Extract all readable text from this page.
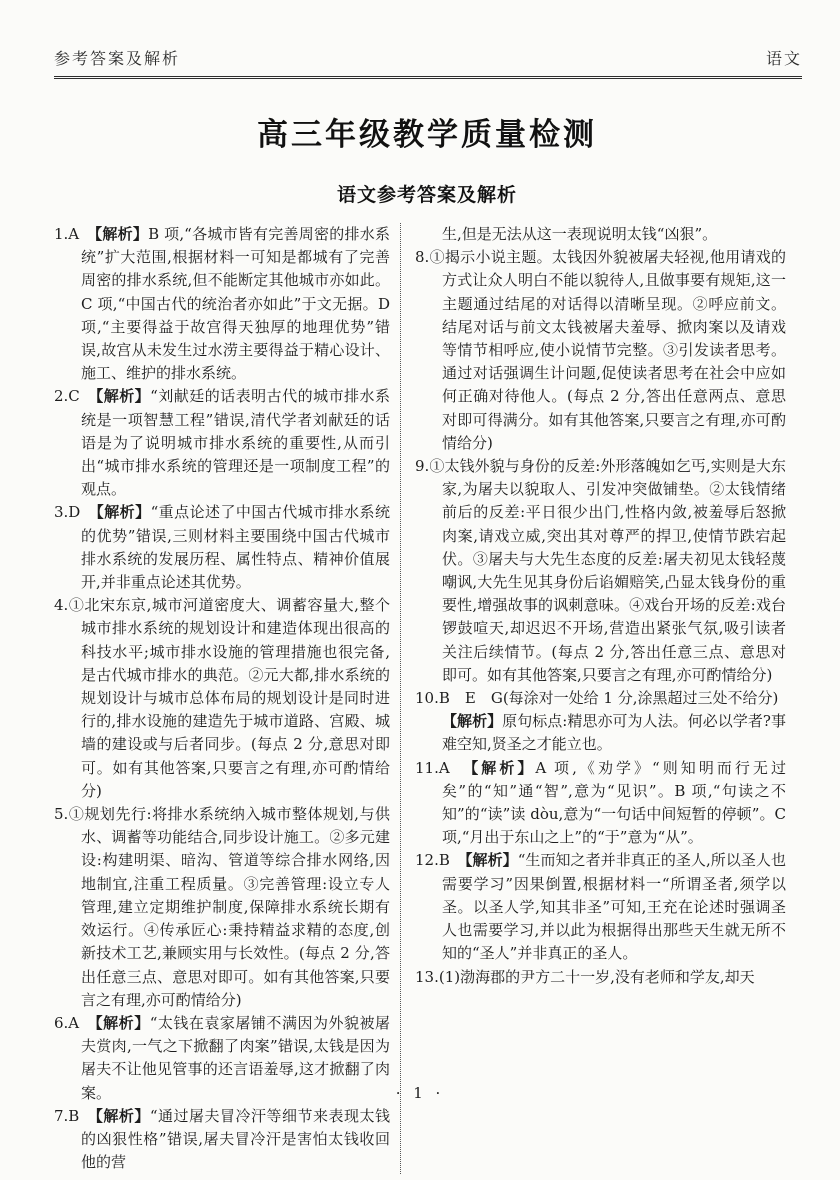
参考答案及解析	语文
高三年级教学质量检测
语文参考答案及解析

1.A　【解析】B 项,“各城市皆有完善周密的排水系统”扩大范围,根据材料一可知是都城有了完善周密的排水系统,但不能断定其他城市亦如此。C 项,“中国古代的统治者亦如此”于文无据。D 项,“主要得益于故宫得天独厚的地理优势”错误,故宫从未发生过水涝主要得益于精心设计、施工、维护的排水系统。

2.C　【解析】“刘献廷的话表明古代的城市排水系统是一项智慧工程”错误,清代学者刘献廷的话语是为了说明城市排水系统的重要性,从而引出“城市排水系统的管理还是一项制度工程”的观点。

3.D　【解析】“重点论述了中国古代城市排水系统的优势”错误,三则材料主要围绕中国古代城市排水系统的发展历程、属性特点、精神价值展开,并非重点论述其优势。

4.①北宋东京,城市河道密度大、调蓄容量大,整个城市排水系统的规划设计和建造体现出很高的科技水平;城市排水设施的管理措施也很完备,是古代城市排水的典范。②元大都,排水系统的规划设计与城市总体布局的规划设计是同时进行的,排水设施的建造先于城市道路、宫殿、城墙的建设或与后者同步。(每点 2 分,意思对即可。如有其他答案,只要言之有理,亦可酌情给分)

5.①规划先行:将排水系统纳入城市整体规划,与供水、调蓄等功能结合,同步设计施工。②多元建设:构建明渠、暗沟、管道等综合排水网络,因地制宜,注重工程质量。③完善管理:设立专人管理,建立定期维护制度,保障排水系统长期有效运行。④传承匠心:秉持精益求精的态度,创新技术工艺,兼顾实用与长效性。(每点 2 分,答出任意三点、意思对即可。如有其他答案,只要言之有理,亦可酌情给分)

6.A　【解析】“太钱在袁家屠铺不满因为外貌被屠夫赏肉,一气之下掀翻了肉案”错误,太钱是因为屠夫不让他见管事的还言语羞辱,这才掀翻了肉案。

7.B　【解析】“通过屠夫冒冷汗等细节来表现太钱的凶狠性格”错误,屠夫冒冷汗是害怕太钱收回他的营

生,但是无法从这一表现说明太钱“凶狠”。

8.①揭示小说主题。太钱因外貌被屠夫轻视,他用请戏的方式让众人明白不能以貌待人,且做事要有规矩,这一主题通过结尾的对话得以清晰呈现。②呼应前文。结尾对话与前文太钱被屠夫羞辱、掀肉案以及请戏等情节相呼应,使小说情节完整。③引发读者思考。通过对话强调生计问题,促使读者思考在社会中应如何正确对待他人。(每点 2 分,答出任意两点、意思对即可得满分。如有其他答案,只要言之有理,亦可酌情给分)

9.①太钱外貌与身份的反差:外形落魄如乞丐,实则是大东家,为屠夫以貌取人、引发冲突做铺垫。②太钱情绪前后的反差:平日很少出门,性格内敛,被羞辱后怒掀肉案,请戏立威,突出其对尊严的捍卫,使情节跌宕起伏。③屠夫与大先生态度的反差:屠夫初见太钱轻蔑嘲讽,大先生见其身份后谄媚赔笑,凸显太钱身份的重要性,增强故事的讽刺意味。④戏台开场的反差:戏台锣鼓喧天,却迟迟不开场,营造出紧张气氛,吸引读者关注后续情节。(每点 2 分,答出任意三点、意思对即可。如有其他答案,只要言之有理,亦可酌情给分)

10.B　E　G(每涂对一处给 1 分,涂黑超过三处不给分)

【解析】原句标点:精思亦可为人法。何必以学者?事难空知,贤圣之才能立也。

11.A　【解析】A 项,《劝学》“则知明而行无过矣”的“知”通“智”,意为“见识”。B 项,“句读之不知”的“读”读 dòu,意为“一句话中间短暂的停顿”。C 项,“月出于东山之上”的“于”意为“从”。

12.B　【解析】“生而知之者并非真正的圣人,所以圣人也需要学习”因果倒置,根据材料一“所谓圣者,须学以圣。以圣人学,知其非圣”可知,王充在论述时强调圣人也需要学习,并以此为根据得出那些天生就无所不知的“圣人”并非真正的圣人。

13.(1)渤海郡的尹方二十一岁,没有老师和学友,却天

· 1 ·
